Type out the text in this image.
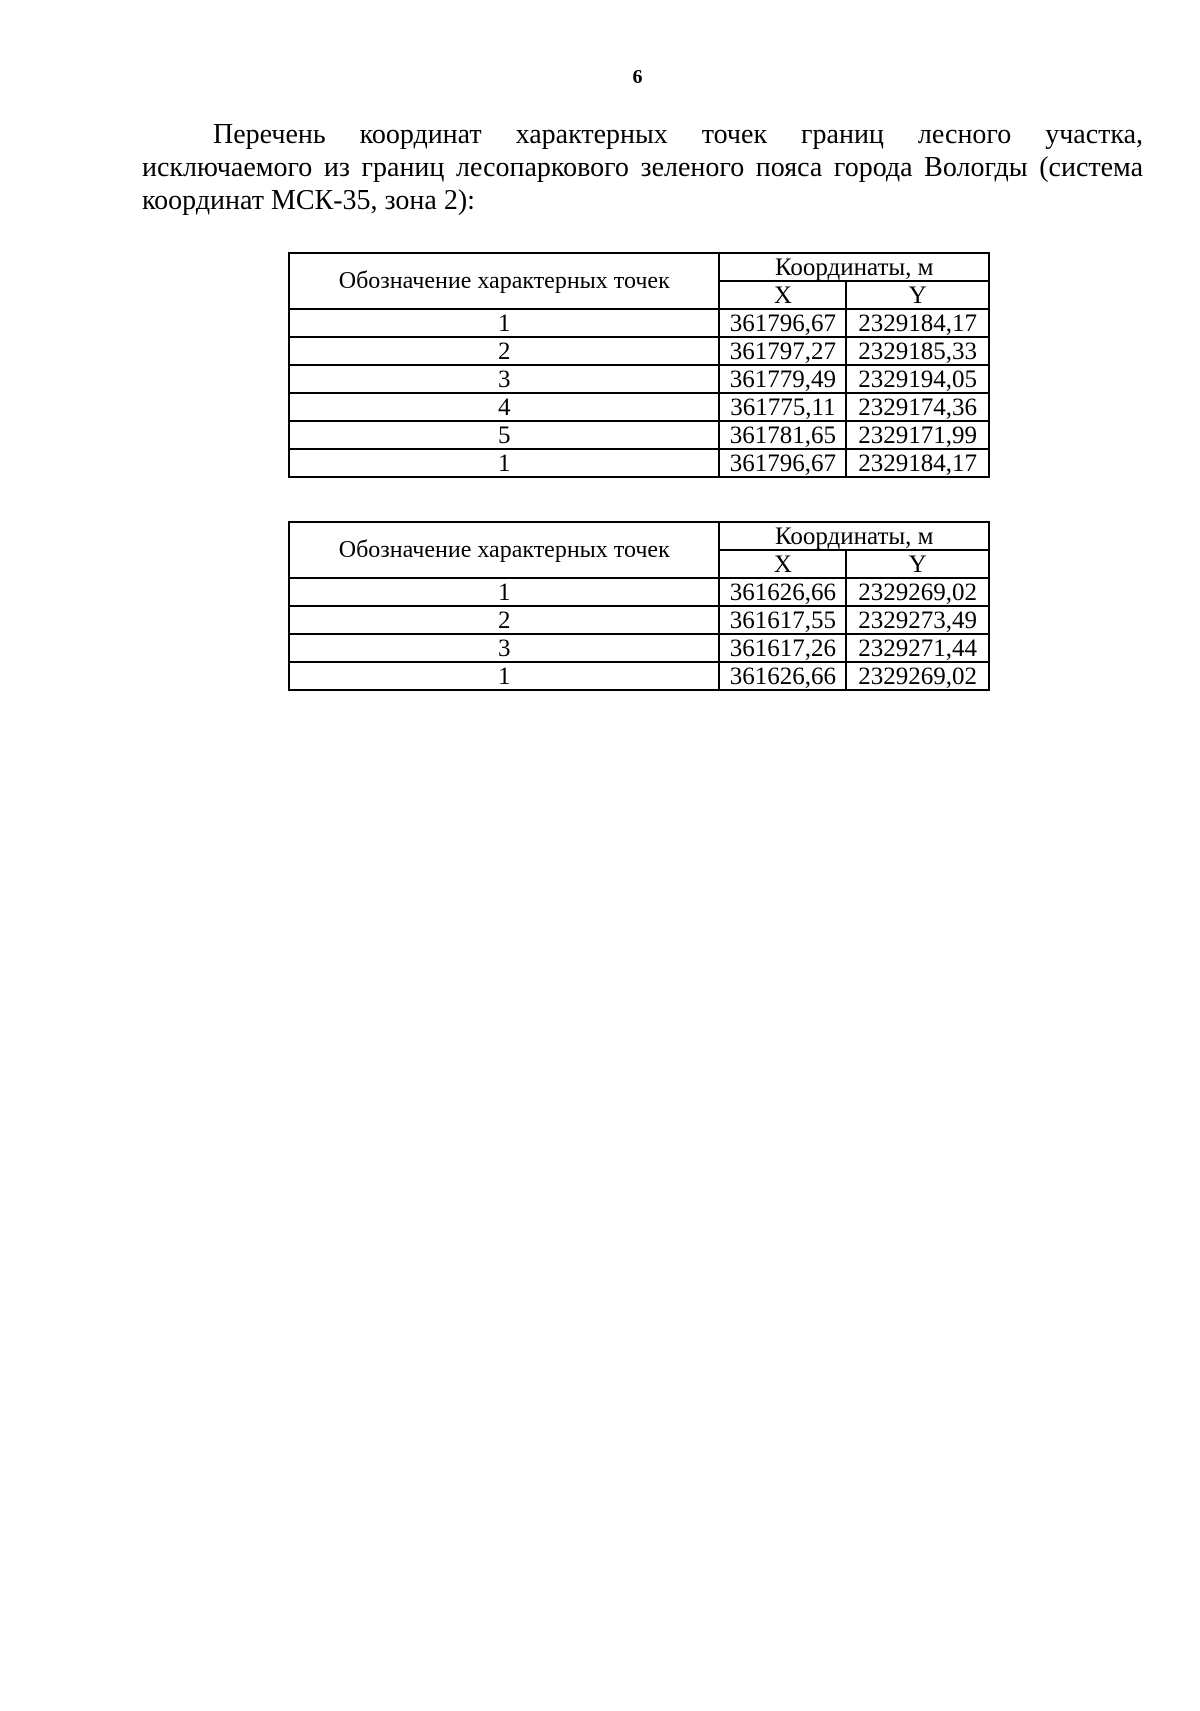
6

Перечень координат характерных точек границ лесного участка, исключаемого из границ лесопаркового зеленого пояса города Вологды (система координат МСК-35, зона 2):

Обозначение характерных точек	Координаты, м	
	X	Y
1	361796,67	2329184,17
2	361797,27	2329185,33
3	361779,49	2329194,05
4	361775,11	2329174,36
5	361781,65	2329171,99
1	361796,67	2329184,17
Обозначение характерных точек	Координаты, м	
	X	Y
1	361626,66	2329269,02
2	361617,55	2329273,49
3	361617,26	2329271,44
1	361626,66	2329269,02
